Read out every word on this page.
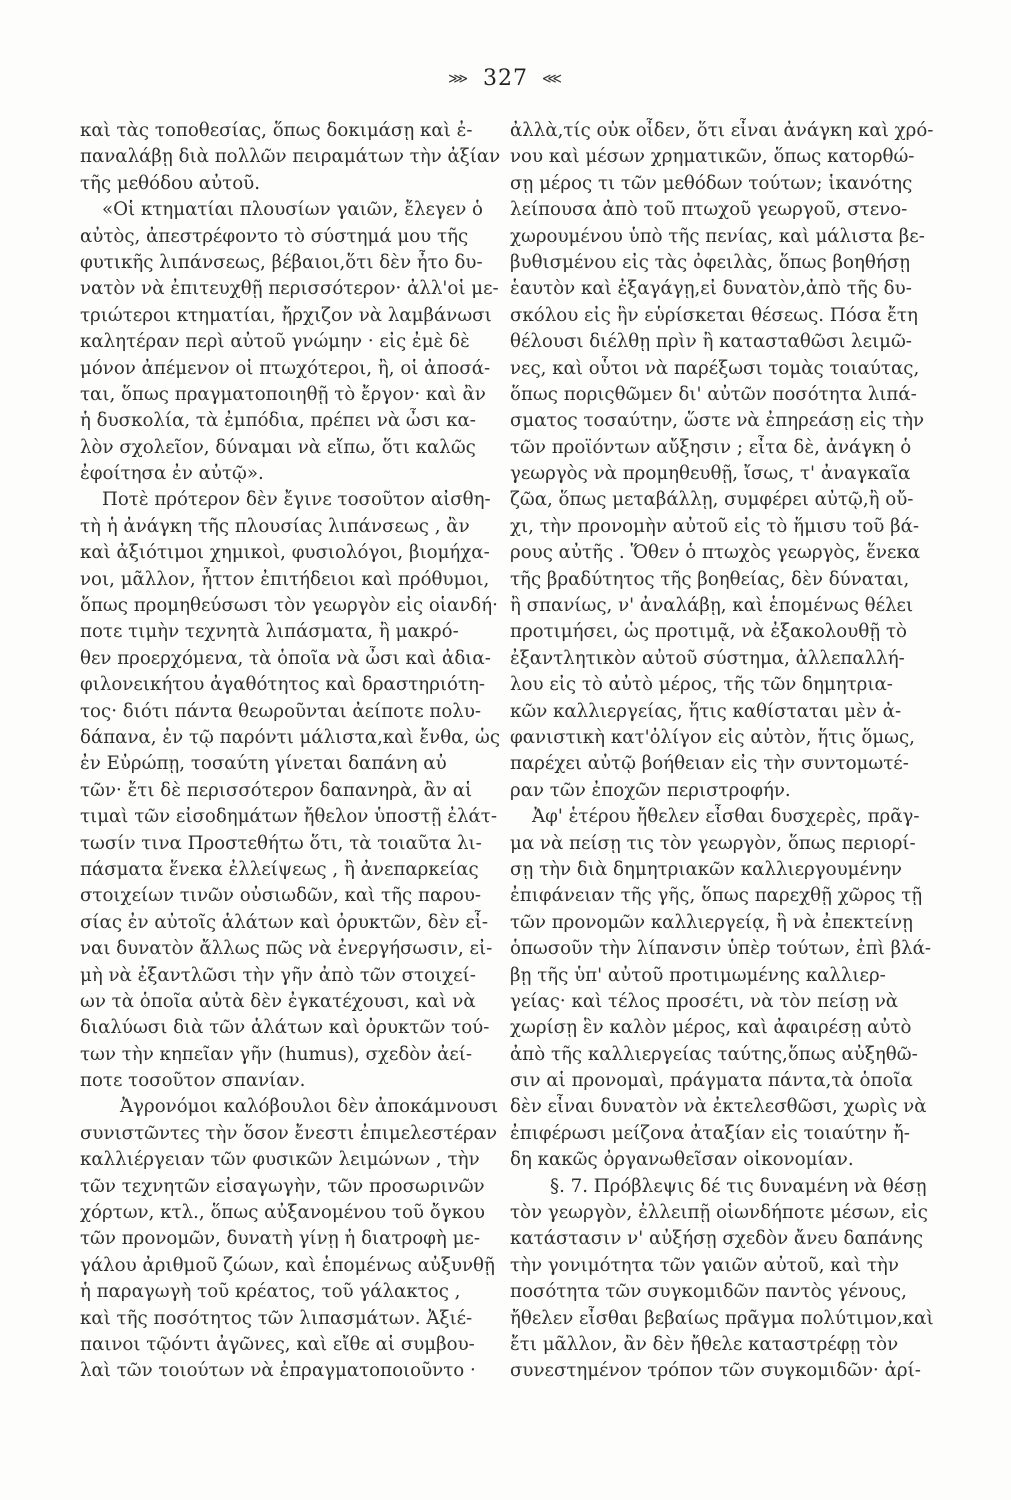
⋙ 327 ⋘
καὶ τὰς τοποθεσίας, ὅπως δοκιμάσῃ καὶ ἐ-
παναλάβῃ διὰ πολλῶν πειραμάτων τὴν ἀξίαν
τῆς μεθόδου αὐτοῦ.
«Οἱ κτηματίαι πλουσίων γαιῶν, ἔλεγεν ὁ
αὐτὸς, ἀπεστρέφοντο τὸ σύστημά μου τῆς
φυτικῆς λιπάνσεως, βέβαιοι,ὅτι δὲν ἦτο δυ-
νατὸν νὰ ἐπιτευχθῇ περισσότερον· ἀλλ'οἱ με-
τριώτεροι κτηματίαι, ἤρχιζον νὰ λαμβάνωσι
καλητέραν περὶ αὐτοῦ γνώμην · εἰς ἐμὲ δὲ
μόνον ἀπέμενον οἱ πτωχότεροι, ἢ, οἱ ἀποσά-
ται, ὅπως πραγματοποιηθῇ τὸ ἔργον· καὶ ἂν
ἡ δυσκολία, τὰ ἐμπόδια, πρέπει νὰ ὦσι κα-
λὸν σχολεῖον, δύναμαι νὰ εἴπω, ὅτι καλῶς
ἐφοίτησα ἐν αὐτῷ».
Ποτὲ πρότερον δὲν ἔγινε τοσοῦτον αἰσθη-
τὴ ἡ ἀνάγκη τῆς πλουσίας λιπάνσεως , ἂν
καὶ ἀξιότιμοι χημικοὶ, φυσιολόγοι, βιομήχα-
νοι, μᾶλλον, ἧττον ἐπιτήδειοι καὶ πρόθυμοι,
ὅπως προμηθεύσωσι τὸν γεωργὸν εἰς οἱανδή·
ποτε τιμὴν τεχνητὰ λιπάσματα, ἢ μακρό-
θεν προερχόμενα, τὰ ὁποῖα νὰ ὦσι καὶ ἀδια-
φιλονεικήτου ἀγαθότητος καὶ δραστηριότη-
τος· διότι πάντα θεωροῦνται ἀείποτε πολυ-
δάπανα, ἐν τῷ παρόντι μάλιστα,καὶ ἔνθα, ὡς
ἐν Εὐρώπῃ, τοσαύτη γίνεται δαπάνη αὐ
τῶν· ἔτι δὲ περισσότερον δαπανηρὰ, ἂν αἱ
τιμαὶ τῶν εἰσοδημάτων ἤθελον ὑποστῇ ἐλάτ-
τωσίν τινα Προστεθήτω ὅτι, τὰ τοιαῦτα λι-
πάσματα ἕνεκα ἐλλείψεως , ἢ ἀνεπαρκείας
στοιχείων τινῶν οὐσιωδῶν, καὶ τῆς παρου-
σίας ἐν αὐτοῖς ἁλάτων καὶ ὀρυκτῶν, δὲν εἶ-
ναι δυνατὸν ἄλλως πῶς νὰ ἐνεργήσωσιν, εἰ-
μὴ νὰ ἐξαντλῶσι τὴν γῆν ἀπὸ τῶν στοιχεί-
ων τὰ ὁποῖα αὐτὰ δὲν ἐγκατέχουσι, καὶ νὰ
διαλύωσι διὰ τῶν ἁλάτων καὶ ὀρυκτῶν τού-
των τὴν κηπεῖαν γῆν (humus), σχεδὸν ἀεί-
ποτε τοσοῦτον σπανίαν.
Ἀγρονόμοι καλόβουλοι δὲν ἀποκάμνουσι
συνιστῶντες τὴν ὅσον ἔνεστι ἐπιμελεστέραν
καλλιέργειαν τῶν φυσικῶν λειμώνων , τὴν
τῶν τεχνητῶν εἰσαγωγὴν, τῶν προσωρινῶν
χόρτων, κτλ., ὅπως αὐξανομένου τοῦ ὄγκου
τῶν προνομῶν, δυνατὴ γίνῃ ἡ διατροφὴ με-
γάλου ἀριθμοῦ ζώων, καὶ ἑπομένως αὐξυνθῇ
ἡ παραγωγὴ τοῦ κρέατος, τοῦ γάλακτος ,
καὶ τῆς ποσότητος τῶν λιπασμάτων. Ἀξιέ-
παινοι τῷόντι ἀγῶνες, καὶ εἴθε αἱ συμβου-
λαὶ τῶν τοιούτων νὰ ἐπραγματοποιοῦντο ·
ἀλλὰ,τίς οὐκ οἶδεν, ὅτι εἶναι ἀνάγκη καὶ χρό-
νου καὶ μέσων χρηματικῶν, ὅπως κατορθώ-
σῃ μέρος τι τῶν μεθόδων τούτων; ἱκανότης
λείπουσα ἀπὸ τοῦ πτωχοῦ γεωργοῦ, στενο-
χωρουμένου ὑπὸ τῆς πενίας, καὶ μάλιστα βε-
βυθισμένου εἰς τὰς ὀφειλὰς, ὅπως βοηθήσῃ
ἑαυτὸν καὶ ἐξαγάγῃ,εἰ δυνατὸν,ἀπὸ τῆς δυ-
σκόλου εἰς ἣν εὑρίσκεται θέσεως. Πόσα ἔτη
θέλουσι διέλθῃ πρὶν ἢ κατασταθῶσι λειμῶ-
νες, καὶ οὗτοι νὰ παρέξωσι τομὰς τοιαύτας,
ὅπως ποριςθῶμεν δι' αὐτῶν ποσότητα λιπά-
σματος τοσαύτην, ὥστε νὰ ἐπηρεάσῃ εἰς τὴν
τῶν προϊόντων αὔξησιν ; εἶτα δὲ, ἀνάγκη ὁ
γεωργὸς νὰ προμηθευθῇ, ἴσως, τ' ἀναγκαῖα
ζῶα, ὅπως μεταβάλλῃ, συμφέρει αὐτῷ,ἢ οὔ-
χι, τὴν προνομὴν αὐτοῦ εἰς τὸ ἥμισυ τοῦ βά-
ρους αὐτῆς . Ὅθεν ὁ πτωχὸς γεωργὸς, ἕνεκα
τῆς βραδύτητος τῆς βοηθείας, δὲν δύναται,
ἢ σπανίως, ν' ἀναλάβῃ, καὶ ἑπομένως θέλει
προτιμήσει, ὡς προτιμᾷ, νὰ ἐξακολουθῇ τὸ
ἐξαντλητικὸν αὐτοῦ σύστημα, ἀλλεπαλλή-
λου εἰς τὸ αὐτὸ μέρος, τῆς τῶν δημητρια-
κῶν καλλιεργείας, ἥτις καθίσταται μὲν ἀ-
φανιστικὴ κατ'ὀλίγον εἰς αὐτὸν, ἥτις ὅμως,
παρέχει αὐτῷ βοήθειαν εἰς τὴν συντομωτέ-
ραν τῶν ἐποχῶν περιστροφήν.
Ἀφ' ἑτέρου ἤθελεν εἶσθαι δυσχερὲς, πρᾶγ-
μα νὰ πείσῃ τις τὸν γεωργὸν, ὅπως περιορί-
σῃ τὴν διὰ δημητριακῶν καλλιεργουμένην
ἐπιφάνειαν τῆς γῆς, ὅπως παρεχθῇ χῶρος τῇ
τῶν προνομῶν καλλιεργείᾳ, ἢ νὰ ἐπεκτείνῃ
ὁπωσοῦν τὴν λίπανσιν ὑπὲρ τούτων, ἐπὶ βλά-
βῃ τῆς ὑπ' αὐτοῦ προτιμωμένης καλλιερ-
γείας· καὶ τέλος προσέτι, νὰ τὸν πείσῃ νὰ
χωρίσῃ ἓν καλὸν μέρος, καὶ ἀφαιρέσῃ αὐτὸ
ἀπὸ τῆς καλλιεργείας ταύτης,ὅπως αὐξηθῶ-
σιν αἱ προνομαὶ, πράγματα πάντα,τὰ ὁποῖα
δὲν εἶναι δυνατὸν νὰ ἐκτελεσθῶσι, χωρὶς νὰ
ἐπιφέρωσι μείζονα ἀταξίαν εἰς τοιαύτην ἤ-
δη κακῶς ὀργανωθεῖσαν οἰκονομίαν.
§. 7. Πρόβλεψις δέ τις δυναμένη νὰ θέσῃ
τὸν γεωργὸν, ἐλλειπῇ οἱωνδήποτε μέσων, εἰς
κατάστασιν ν' αὐξήσῃ σχεδὸν ἄνευ δαπάνης
τὴν γονιμότητα τῶν γαιῶν αὐτοῦ, καὶ τὴν
ποσότητα τῶν συγκομιδῶν παντὸς γένους,
ἤθελεν εἶσθαι βεβαίως πρᾶγμα πολύτιμον,καὶ
ἔτι μᾶλλον, ἂν δὲν ἤθελε καταστρέφῃ τὸν
συνεστημένον τρόπον τῶν συγκομιδῶν· ἀρί-
